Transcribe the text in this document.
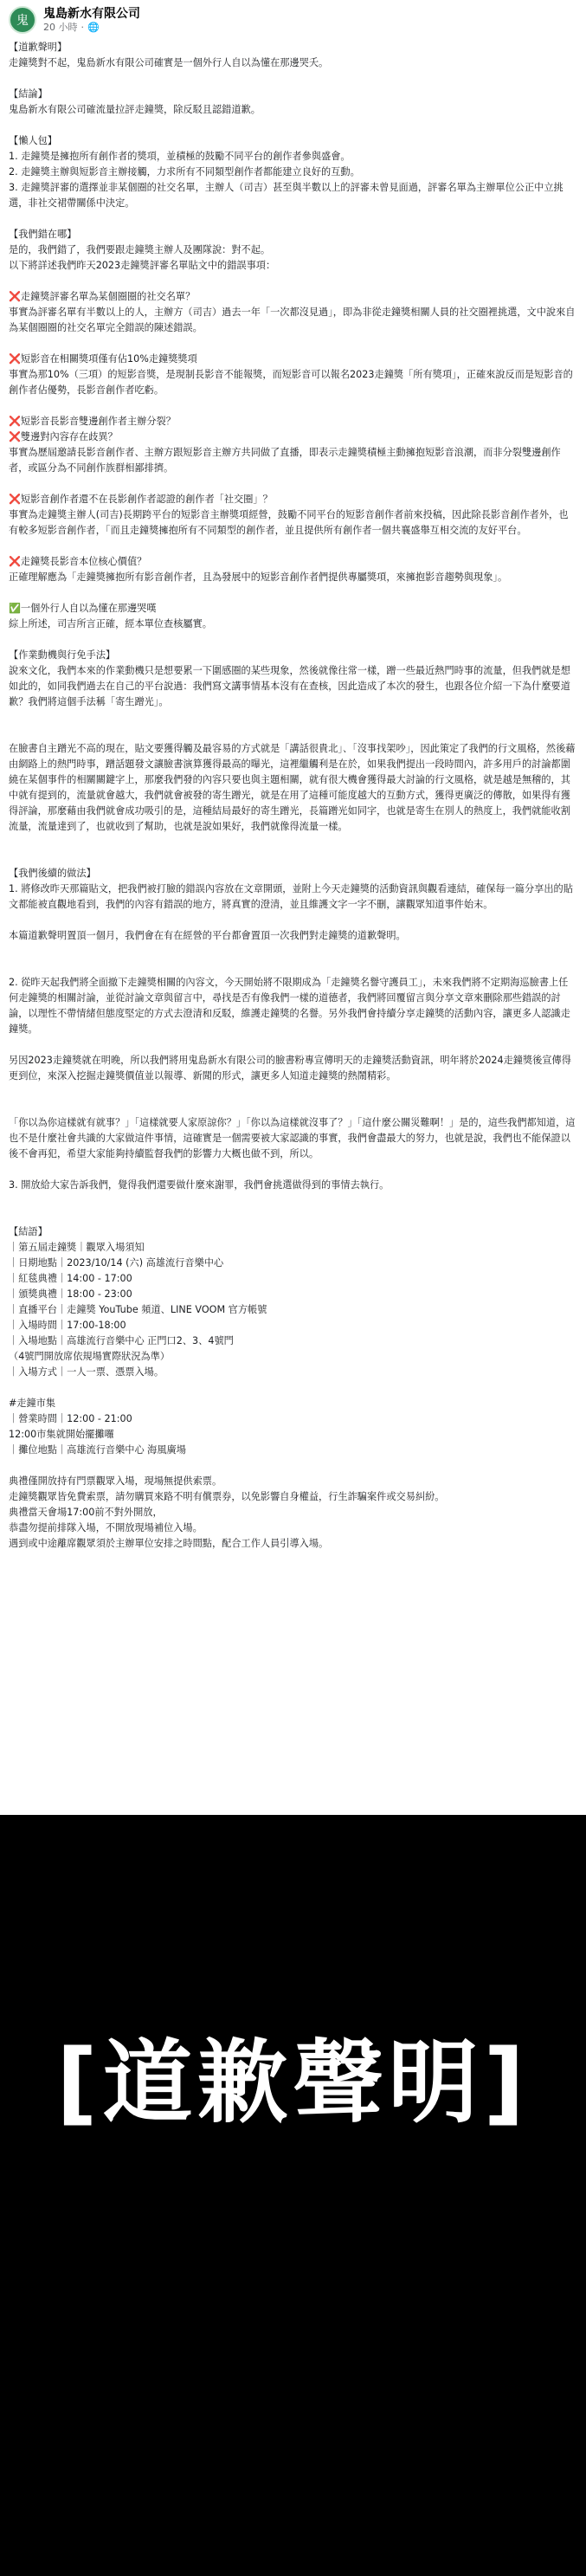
鬼 鬼島新水有限公司
20 小時 · 🌐

【道歉聲明】

走鐘獎對不起，鬼島新水有限公司確實是一個外行人自以為懂在那邊哭夭。

【結論】

鬼島新水有限公司確流量拉評走鐘獎，除反駁且認錯道歉。

【懶人包】

1. 走鐘獎是擁抱所有創作者的獎項，並積極的鼓勵不同平台的創作者參與盛會。

2. 走鐘獎主辦與短影音主辦接觸，力求所有不同類型創作者都能建立良好的互動。

3. 走鐘獎評審的選擇並非某個圈的社交名單，主辦人（司吉）甚至與半數以上的評審未曾見面過，評審名單為主辦單位公正中立挑選，非社交裙帶關係中決定。

【我們錯在哪】

是的，我們錯了，我們要跟走鐘獎主辦人及團隊說：對不起。

以下將詳述我們昨天2023走鐘獎評審名單貼文中的錯誤事項：

❌走鐘獎評審名單為某個圈圈的社交名單？

事實為評審名單有半數以上的人，主辦方（司吉）過去一年「一次都沒見過」，即為非從走鐘獎相關人員的社交圈裡挑選，文中說來自為某個圈圈的社交名單完全錯誤的陳述錯誤。

❌短影音在相關獎項僅有佔10%走鐘獎獎項

事實為那10%（三項）的短影音獎，是現制長影音不能報獎，而短影音可以報名2023走鐘獎「所有獎項」，正確來說反而是短影音的創作者佔優勢，長影音創作者吃虧。

❌短影音長影音雙邊創作者主辦分裂？

❌雙邊對內容存在歧異？

事實為歷屆邀請長影音創作者、主辦方跟短影音主辦方共同做了直播，即表示走鐘獎積極主動擁抱短影音浪潮，而非分裂雙邊創作者，或區分為不同創作族群相鄙排擠。

❌短影音創作者還不在長影創作者認證的創作者「社交圈」？

事實為走鐘獎主辦人(司吉)長期跨平台的短影音主辦獎項經營，鼓勵不同平台的短影音創作者前來投稿，因此除長影音創作者外，也有較多短影音創作者，「而且走鐘獎擁抱所有不同類型的創作者，並且提供所有創作者一個共襄盛舉互相交流的友好平台。

❌走鐘獎長影音本位核心價值？

正確理解應為「走鐘獎擁抱所有影音創作者，且為發展中的短影音創作者們提供專屬獎項，來擁抱影音趨勢與現象」。

✅一個外行人自以為懂在那邊哭嘆

綜上所述，司吉所言正確，經本單位查核屬實。

【作業動機與行免手法】

說來文化，我們本來的作業動機只是想要累一下圍感圈的某些現象，然後就像往常一樣，蹭一些最近熱門時事的流量，但我們就是想如此的，如同我們過去在自己的平台說過：我們寫文講事情基本沒有在查核，因此造成了本次的發生，也跟各位介紹一下為什麼要道歉？我們將這個手法稱「寄生蹭光」。

在臉書自主蹭光不高的現在，貼文要獲得觸及最容易的方式就是「講話很貴北」、「沒事找架吵」，因此策定了我們的行文風格，然後藉由網路上的熱門時事，蹭話題發文讓臉書演算獲得最高的曝光，這裡繼觸利是在於，如果我們提出一段時間內，許多用戶的討論都圍繞在某個事件的相關關鍵字上，那麼我們發的內容只要也與主題相關，就有很大機會獲得最大討論的行文風格，就是越是無稽的，其中就有提到的，流量就會越大，我們就會被發的寄生蹭光，就是在用了這種可能度越大的互動方式，獲得更廣泛的傳散，如果得有獲得評論，那麼藉由我們就會成功吸引的是，這種結局最好的寄生蹭光，長篇蹭光如同字，也就是寄生在別人的熱度上，我們就能收割流量，流量達到了，也就收到了幫助，也就是說如果好，我們就像得流量一樣。

【我們後續的做法】

1. 將修改昨天那篇貼文，把我們被打臉的錯誤內容放在文章開頭，並附上今天走鐘獎的活動資訊與觀看連結，確保每一篇分享出的貼文都能被直觀地看到，我們的內容有錯誤的地方，將真實的澄清，並且維護文字一字不刪，讓觀眾知道事件始末。

本篇道歉聲明置頂一個月，我們會在有在經營的平台都會置頂一次我們對走鐘獎的道歉聲明。

2. 從昨天起我們將全面撤下走鐘獎相關的內容文，今天開始將不限期成為「走鐘獎名譽守護員工」，未來我們將不定期海巡臉書上任何走鐘獎的相關討論，並從討論文章與留言中，尋找是否有像我們一樣的道德者，我們將回覆留言與分享文章來刪除那些錯誤的討論，以理性不帶情緒但態度堅定的方式去澄清和反駁，維護走鐘獎的名譽。另外我們會持續分享走鐘獎的活動內容，讓更多人認識走鐘獎。

另因2023走鐘獎就在明晚，所以我們將用鬼島新水有限公司的臉書粉專宣傳明天的走鐘獎活動資訊，明年將於2024走鐘獎後宣傳得更到位，來深入挖掘走鐘獎價值並以報導、新聞的形式，讓更多人知道走鐘獎的熱鬧精彩。

「你以為你這樣就有就事？」「這樣就要人家原諒你？」「你以為這樣就沒事了？」「這什麼公關災難啊！」是的，這些我們都知道，這也不是什麼社會共識的大家做這件事情，這確實是一個需要被大家認識的事實，我們會盡最大的努力，也就是說，我們也不能保證以後不會再犯，希望大家能夠持續監督我們的影響力大概也做不到，所以。

3. 開放給大家告訴我們，覺得我們還要做什麼來謝罪，我們會挑選做得到的事情去執行。

【結語】

｜第五屆走鐘獎｜觀眾入場須知

｜日期地點｜2023/10/14 (六) 高雄流行音樂中心

｜紅毯典禮｜14:00 - 17:00

｜頒獎典禮｜18:00 - 23:00

｜直播平台｜走鐘獎 YouTube 頻道、LINE VOOM 官方帳號

｜入場時間｜17:00-18:00

｜入場地點｜高雄流行音樂中心 正門口2、3、4號門

（4號門開放席依規場實際狀況為準）

｜入場方式｜一人一票、憑票入場。

#走鐘市集

｜營業時間｜12:00 - 21:00

12:00市集就開始擺攤囉

｜攤位地點｜高雄流行音樂中心 海風廣場

典禮僅開放持有門票觀眾入場，現場無提供索票。

走鐘獎觀眾皆免費索票，請勿購買來路不明有償票券，以免影響自身權益，行生詐騙案件或交易糾紛。

典禮當天會場17:00前不對外開放，

恭盡勿提前排隊入場，不開放現場補位入場。

遇到或中途離席觀眾須於主辦單位安排之時間點，配合工作人員引導入場。

[道歉聲明]
